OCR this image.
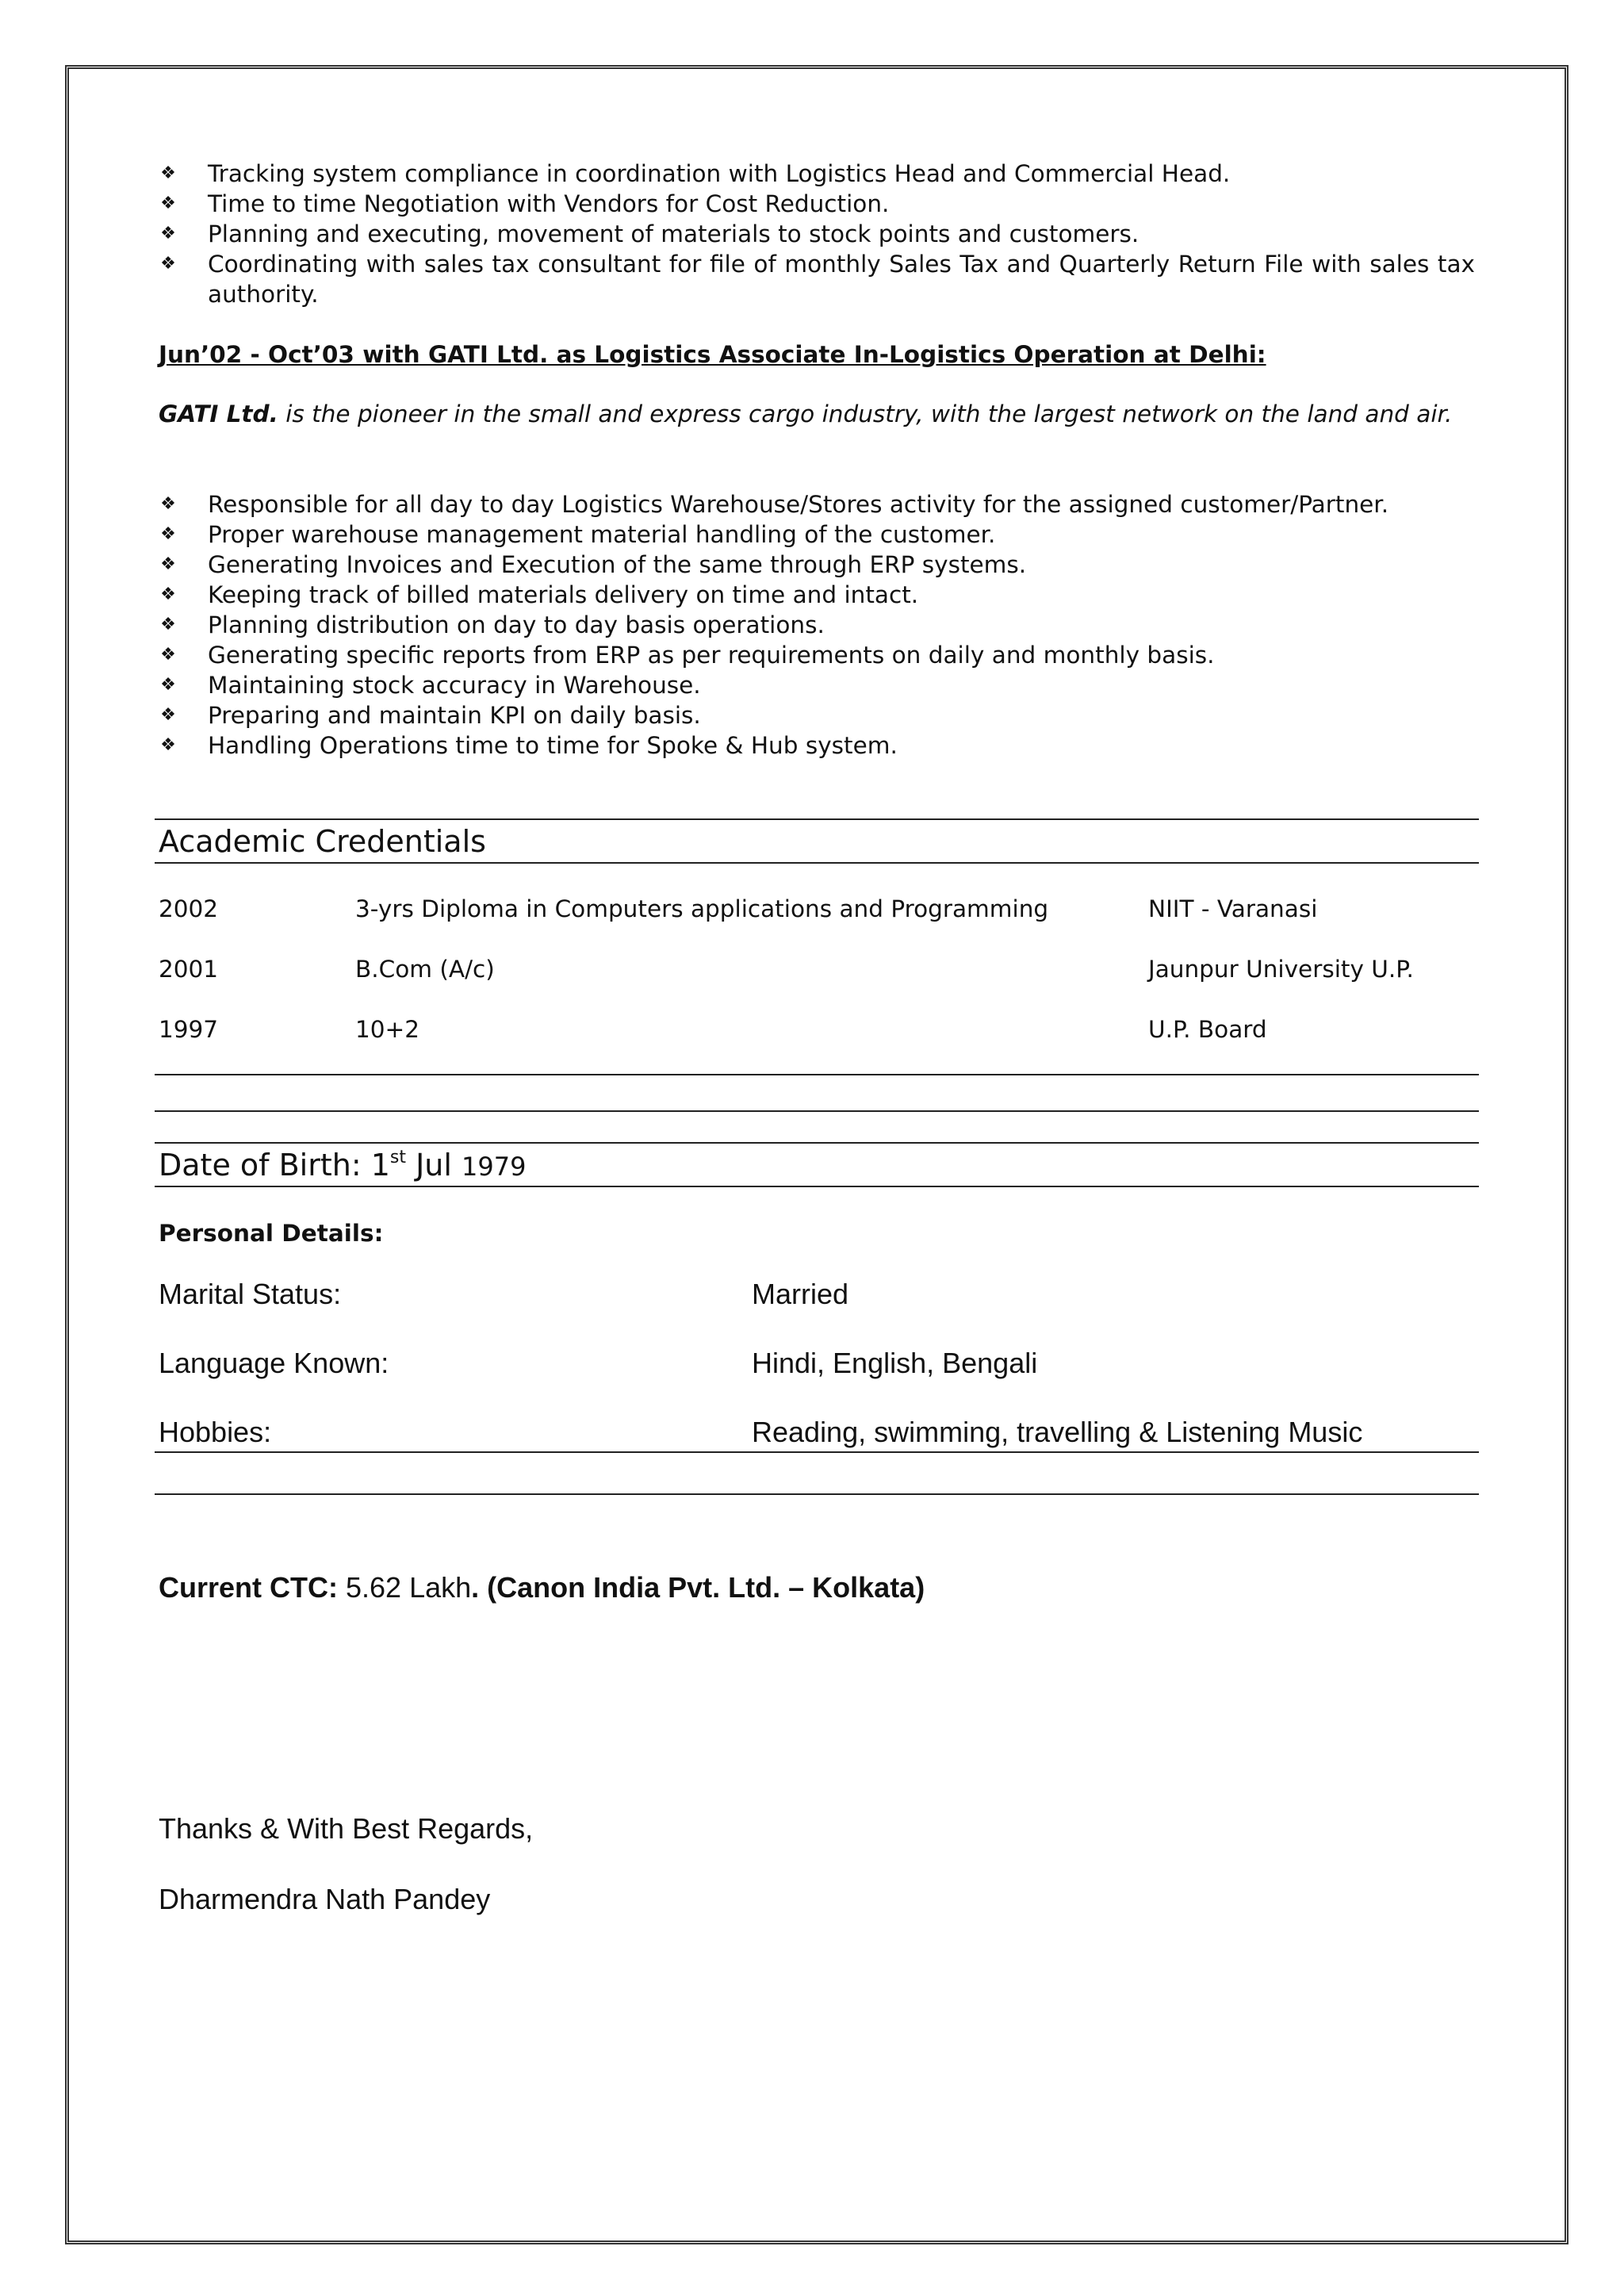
❖ Tracking system compliance in coordination with Logistics Head and Commercial Head.
❖ Time to time Negotiation with Vendors for Cost Reduction.
❖ Planning and executing, movement of materials to stock points and customers.
❖ Coordinating with sales tax consultant for file of monthly Sales Tax and Quarterly Return File with sales tax authority.
Jun’02 - Oct’03 with GATI Ltd. as Logistics Associate In-Logistics Operation at Delhi:
GATI Ltd. is the pioneer in the small and express cargo industry, with the largest network on the land and air.
❖ Responsible for all day to day Logistics Warehouse/Stores activity for the assigned customer/Partner.
❖ Proper warehouse management material handling of the customer.
❖ Generating Invoices and Execution of the same through ERP systems.
❖ Keeping track of billed materials delivery on time and intact.
❖ Planning distribution on day to day basis operations.
❖ Generating specific reports from ERP as per requirements on daily and monthly basis.
❖ Maintaining stock accuracy in Warehouse.
❖ Preparing and maintain KPI on daily basis.
❖ Handling Operations time to time for Spoke & Hub system.
Academic Credentials
2002	3-yrs Diploma in Computers applications and Programming	NIIT - Varanasi
2001	B.Com (A/c)	Jaunpur University U.P.
1997	10+2	U.P. Board
Date of Birth: 1st Jul 1979
Personal Details:
Marital Status:	Married
Language Known:	Hindi, English, Bengali
Hobbies:	Reading, swimming, travelling & Listening Music
Current CTC: 5.62 Lakh. (Canon India Pvt. Ltd. – Kolkata)
Thanks & With Best Regards,
Dharmendra Nath Pandey
